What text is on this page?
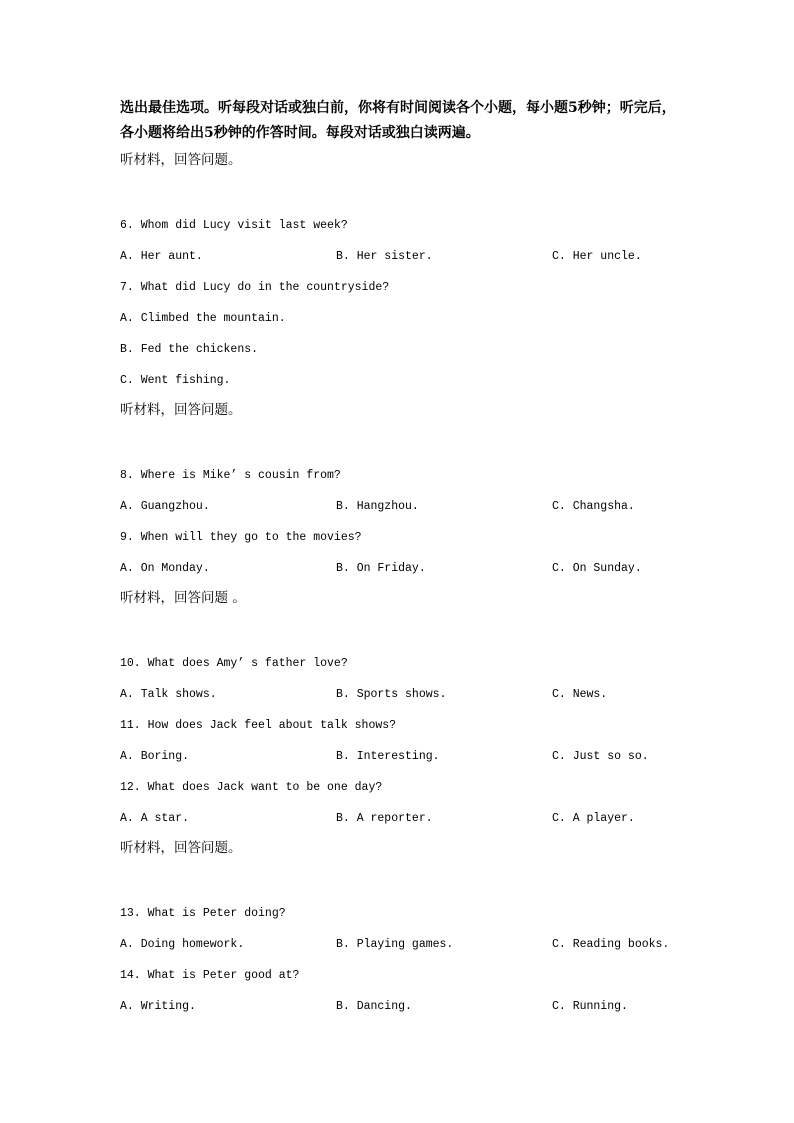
选出最佳选项。听每段对话或独白前，你将有时间阅读各个小题，每小题5秒钟；听完后，
各小题将给出5秒钟的作答时间。每段对话或独白读两遍。
听材料，回答问题。
6. Whom did Lucy visit last week?
A. Her aunt.	B. Her sister.	C. Her uncle.
7. What did Lucy do in the countryside?
A. Climbed the mountain.
B. Fed the chickens.
C. Went fishing.
听材料，回答问题。
8. Where is Mike’ s cousin from?
A. Guangzhou.	B. Hangzhou.	C. Changsha.
9. When will they go to the movies?
A. On Monday.	B. On Friday.	C. On Sunday.
听材料，回答问题 。
10. What does Amy’ s father love?
A. Talk shows.	B. Sports shows.	C. News.
11. How does Jack feel about talk shows?
A. Boring.	B. Interesting.	C. Just so so.
12. What does Jack want to be one day?
A. A star.	B. A reporter.	C. A player.
听材料，回答问题。
13. What is Peter doing?
A. Doing homework.	B. Playing games.	C. Reading books.
14. What is Peter good at?
A. Writing.	B. Dancing.	C. Running.
